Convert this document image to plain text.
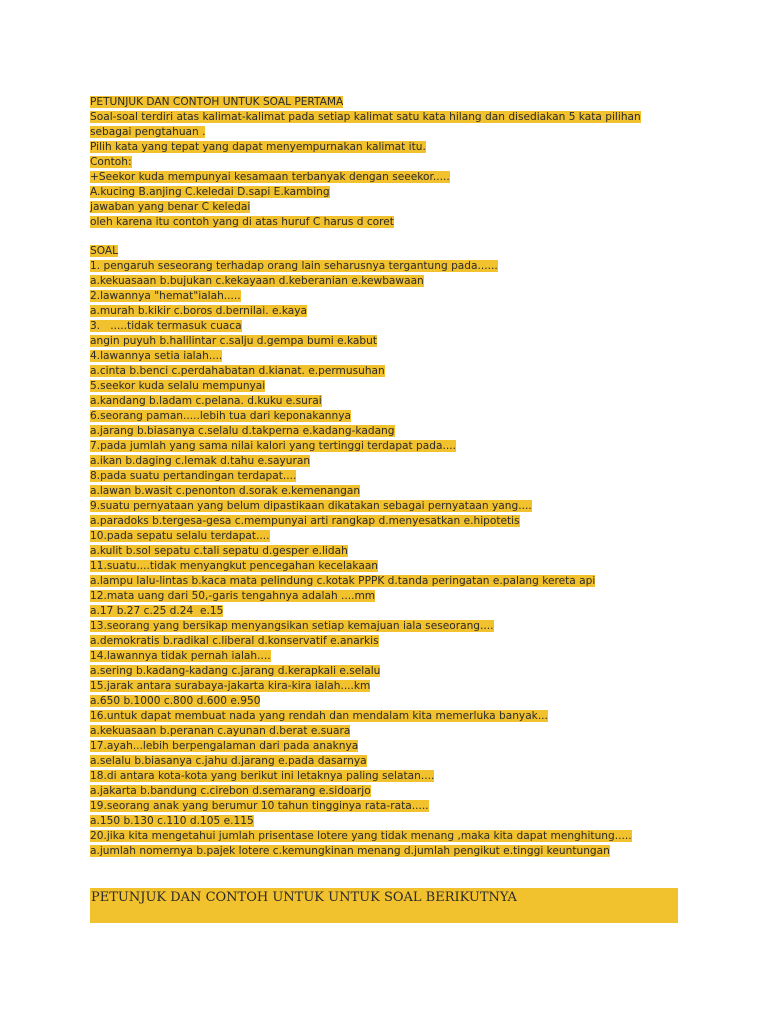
PETUNJUK DAN CONTOH UNTUK SOAL PERTAMA
Soal-soal terdiri atas kalimat-kalimat pada setiap kalimat satu kata hilang dan disediakan 5 kata pilihan
sebagai pengtahuan .
Pilih kata yang tepat yang dapat menyempurnakan kalimat itu.
Contoh:
+Seekor kuda mempunyai kesamaan terbanyak dengan seeekor.....
A.kucing B.anjing C.keledai D.sapi E.kambing
jawaban yang benar C keledai
oleh karena itu contoh yang di atas huruf C harus d coret
SOAL
1. pengaruh seseorang terhadap orang lain seharusnya tergantung pada......
a.kekuasaan b.bujukan c.kekayaan d.keberanian e.kewbawaan
2.lawannya "hemat"ialah.....
a.murah b.kikir c.boros d.bernilai. e.kaya
3.   .....tidak termasuk cuaca
angin puyuh b.halilintar c.salju d.gempa bumi e.kabut
4.lawannya setia ialah....
a.cinta b.benci c.perdahabatan d.kianat. e.permusuhan
5.seekor kuda selalu mempunyai
a.kandang b.ladam c.pelana. d.kuku e.surai
6.seorang paman.....lebih tua dari keponakannya
a.jarang b.biasanya c.selalu d.takperna e.kadang-kadang
7.pada jumlah yang sama nilai kalori yang tertinggi terdapat pada....
a.ikan b.daging c.lemak d.tahu e.sayuran
8.pada suatu pertandingan terdapat....
a.lawan b.wasit c.penonton d.sorak e.kemenangan
9.suatu pernyataan yang belum dipastikaan dikatakan sebagai pernyataan yang....
a.paradoks b.tergesa-gesa c.mempunyai arti rangkap d.menyesatkan e.hipotetis
10.pada sepatu selalu terdapat....
a.kulit b.sol sepatu c.tali sepatu d.gesper e.lidah
11.suatu....tidak menyangkut pencegahan kecelakaan
a.lampu lalu-lintas b.kaca mata pelindung c.kotak PPPK d.tanda peringatan e.palang kereta api
12.mata uang dari 50,-garis tengahnya adalah ....mm
a.17 b.27 c.25 d.24  e.15
13.seorang yang bersikap menyangsikan setiap kemajuan iala seseorang....
a.demokratis b.radikal c.liberal d.konservatif e.anarkis
14.lawannya tidak pernah ialah....
a.sering b.kadang-kadang c.jarang d.kerapkali e.selalu
15.jarak antara surabaya-jakarta kira-kira ialah....km
a.650 b.1000 c.800 d.600 e.950
16.untuk dapat membuat nada yang rendah dan mendalam kita memerluka banyak...
a.kekuasaan b.peranan c.ayunan d.berat e.suara
17.ayah...lebih berpengalaman dari pada anaknya
a.selalu b.biasanya c.jahu d.jarang e.pada dasarnya
18.di antara kota-kota yang berikut ini letaknya paling selatan....
a.jakarta b.bandung c.cirebon d.semarang e.sidoarjo
19.seorang anak yang berumur 10 tahun tingginya rata-rata.....
a.150 b.130 c.110 d.105 e.115
20.jika kita mengetahui jumlah prisentase lotere yang tidak menang ,maka kita dapat menghitung.....
a.jumlah nomernya b.pajek lotere c.kemungkinan menang d.jumlah pengikut e.tinggi keuntungan
PETUNJUK DAN CONTOH UNTUK UNTUK SOAL BERIKUTNYA
